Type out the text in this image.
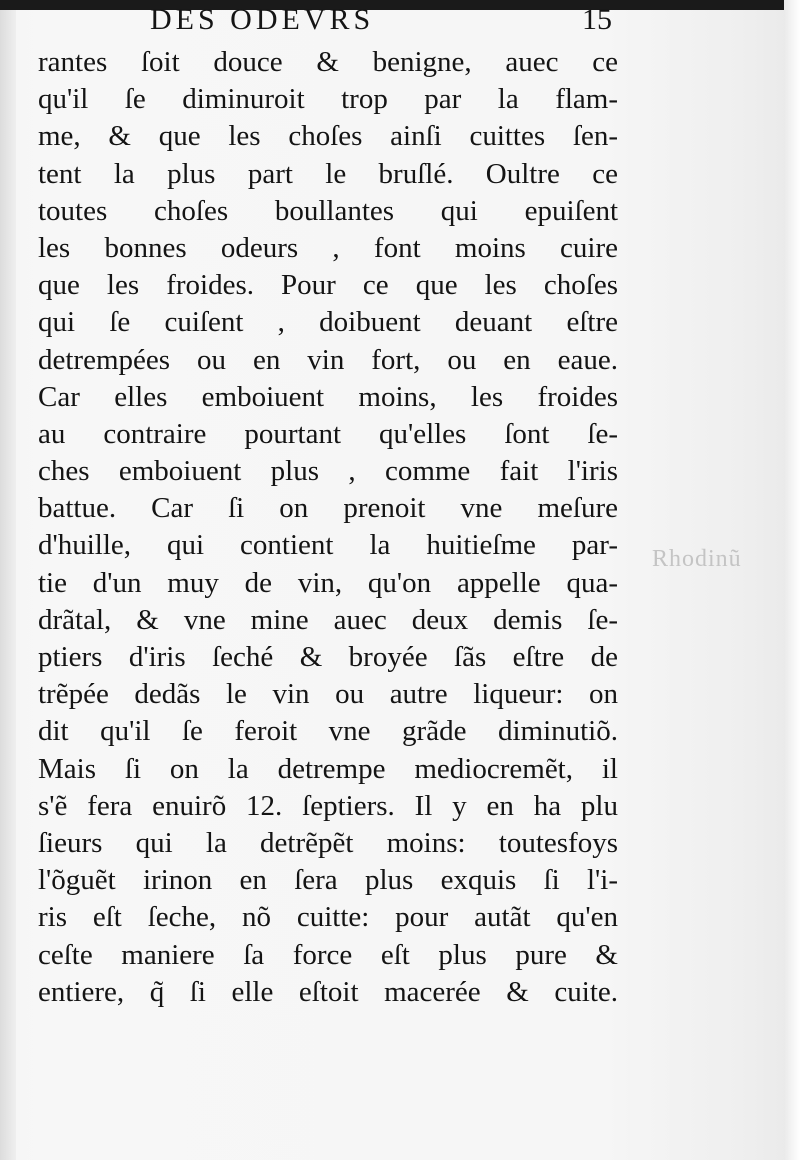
DES ODEVRS	15
Rhodinũ
rantes ſoit douce & benigne, auec ce
qu'il ſe diminuroit trop par la flam-
me, & que les choſes ainſi cuittes ſen-
tent la plus part le bruſlé. Oultre ce
toutes choſes boullantes qui epuiſent
les bonnes odeurs , font moins cuire
que les froides. Pour ce que les choſes
qui ſe cuiſent , doibuent deuant eſtre
detrempées ou en vin fort, ou en eaue.
Car elles emboiuent moins, les froides
au contraire pourtant qu'elles ſont ſe-
ches emboiuent plus , comme fait l'iris
battue. Car ſi on prenoit vne meſure
d'huille, qui contient la huitieſme par-
tie d'un muy de vin, qu'on appelle qua-
drãtal, & vne mine auec deux demis ſe-
ptiers d'iris ſeché & broyée ſãs eſtre de
trẽpée dedãs le vin ou autre liqueur: on
dit qu'il ſe feroit vne grãde diminutiõ.
Mais ſi on la detrempe mediocremẽt, il
s'ẽ fera enuirõ 12. ſeptiers. Il y en ha plu
ſieurs qui la detrẽpẽt moins: toutesfoys
l'õguẽt irinon en ſera plus exquis ſi l'i-
ris eſt ſeche, nõ cuitte: pour autãt qu'en
ceſte maniere ſa force eſt plus pure &
entiere, q̃ ſi elle eſtoit macerée & cuite.
